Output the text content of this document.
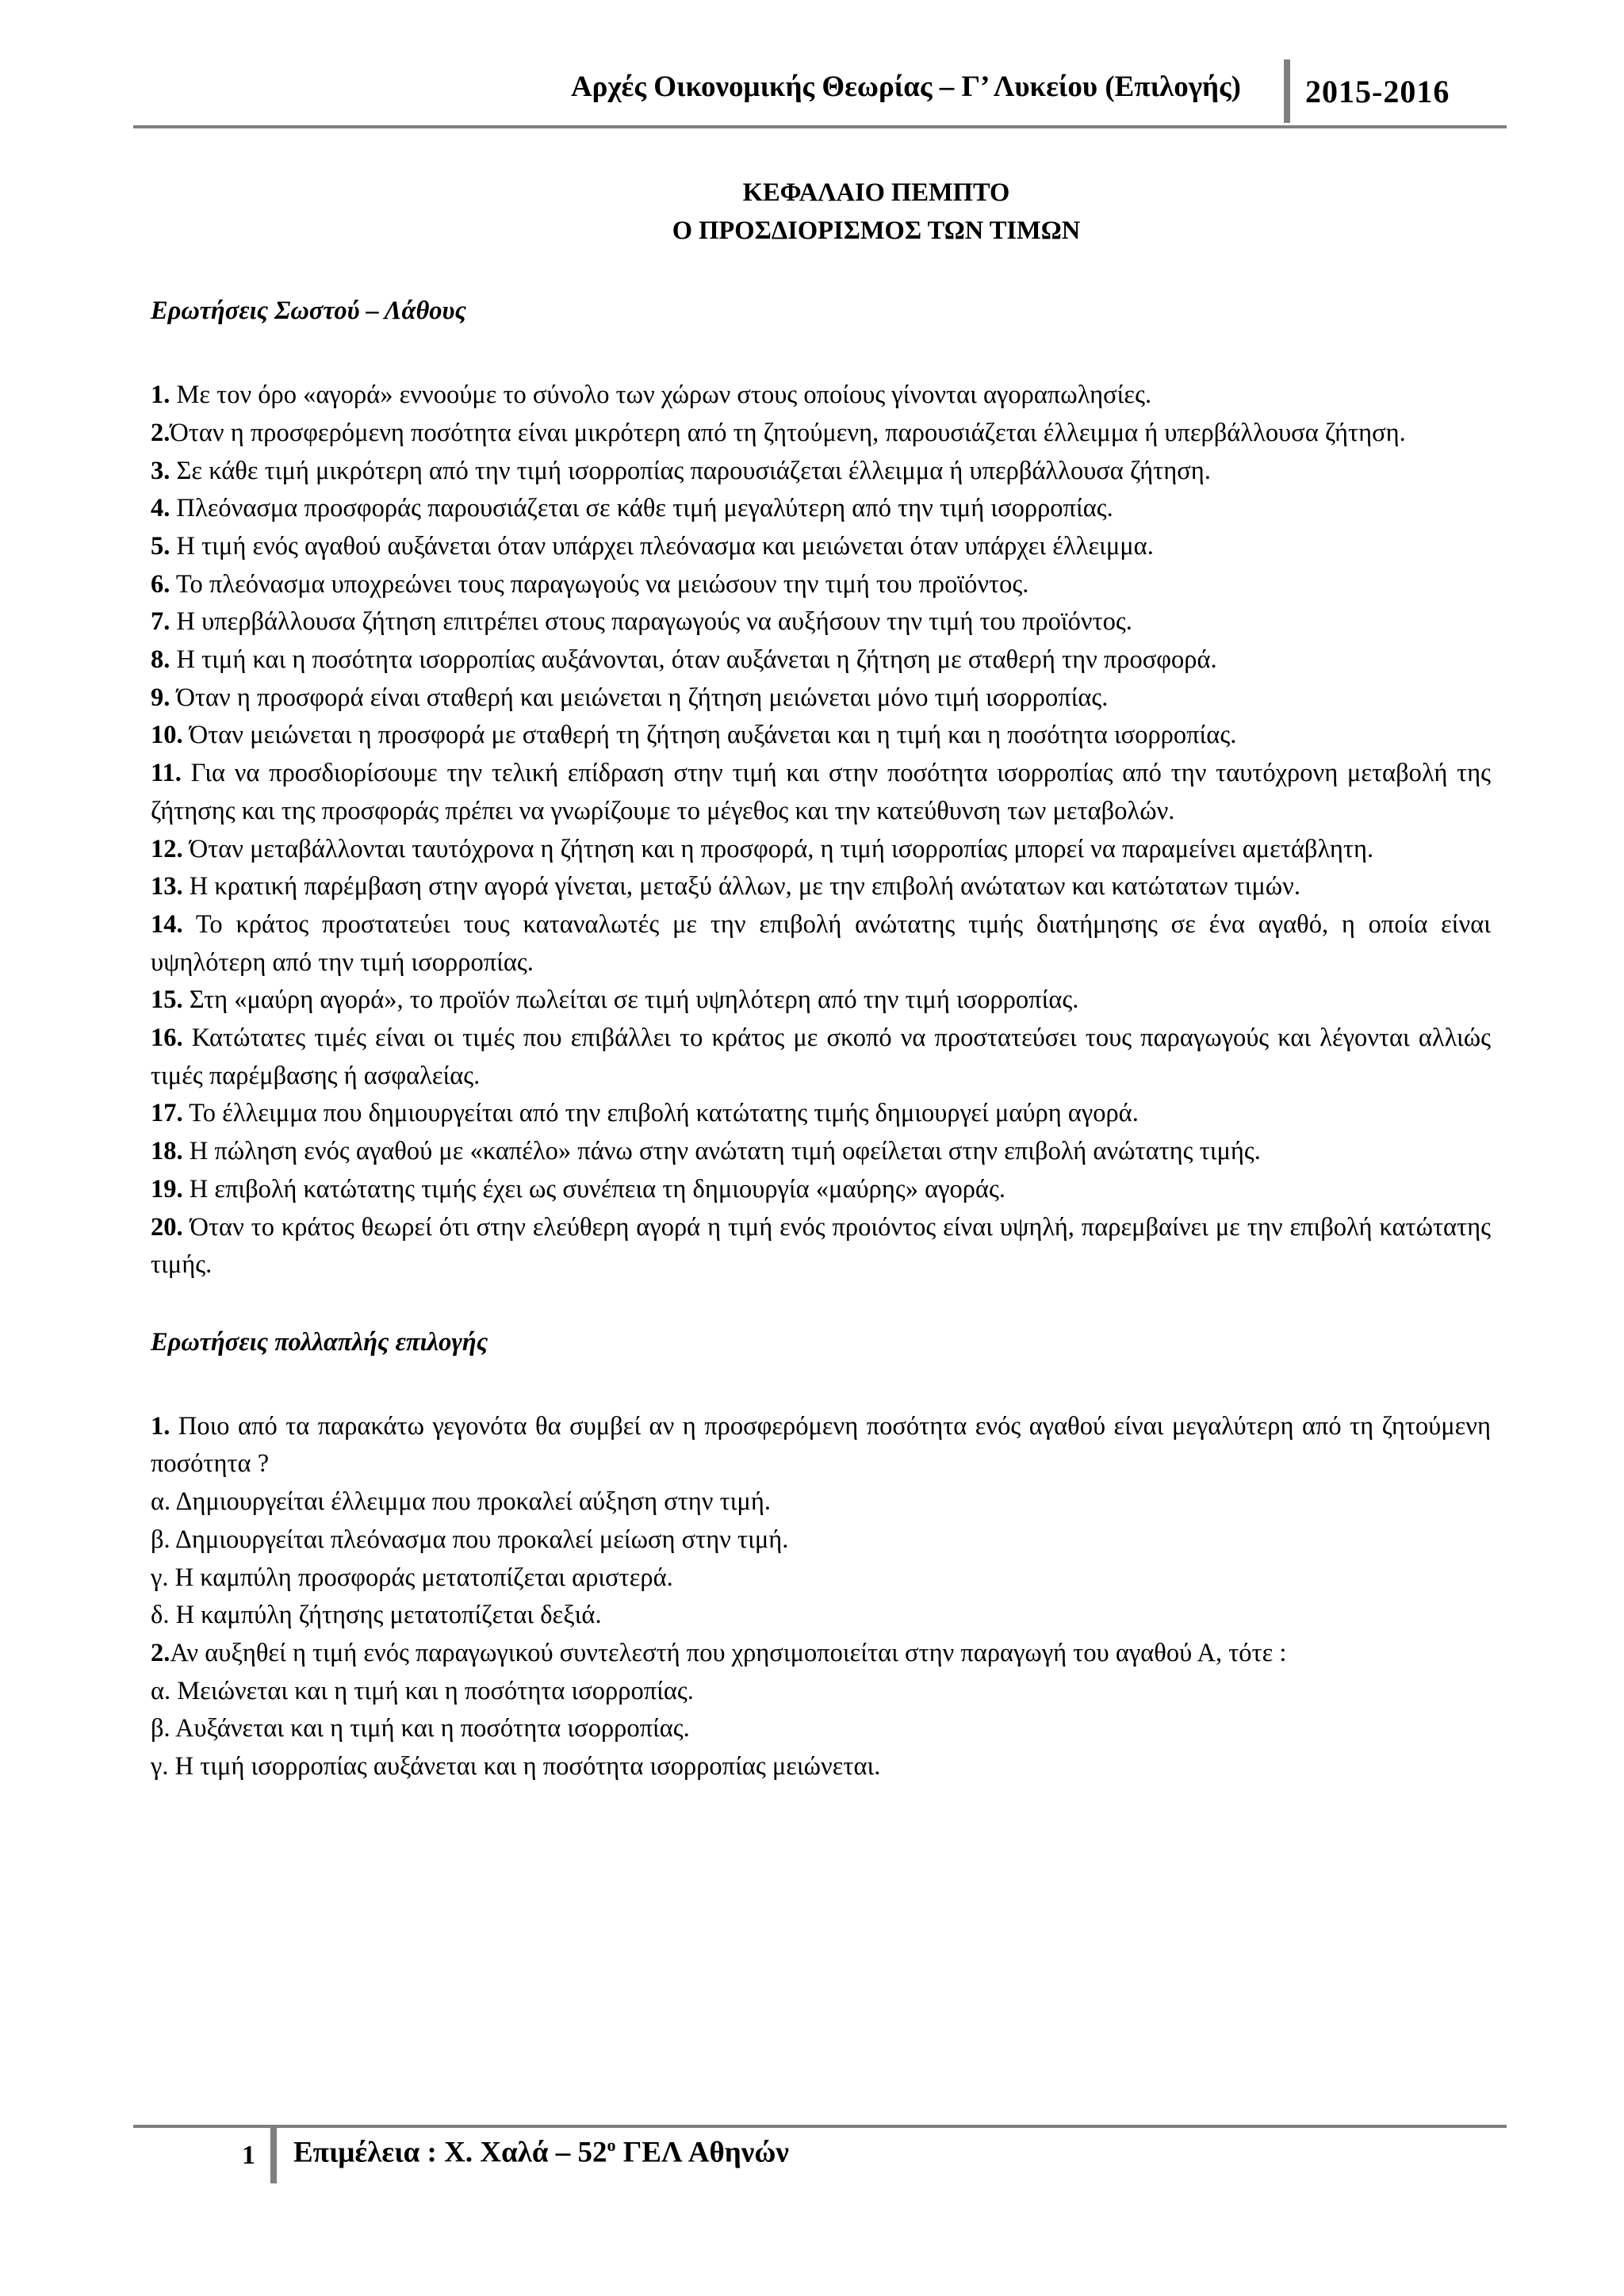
Αρχές Οικονομικής Θεωρίας – Γ’ Λυκείου (Επιλογής) 2015-2016
ΚΕΦΑΛΑΙΟ ΠΕΜΠΤΟ
Ο ΠΡΟΣΔΙΟΡΙΣΜΟΣ ΤΩΝ ΤΙΜΩΝ
Ερωτήσεις Σωστού – Λάθους

1. Με τον όρο «αγορά» εννοούμε το σύνολο των χώρων στους οποίους γίνονται αγοραπωλησίες.

2.Όταν η προσφερόμενη ποσότητα είναι μικρότερη από τη ζητούμενη, παρουσιάζεται έλλειμμα ή υπερβάλλουσα ζήτηση.

3. Σε κάθε τιμή μικρότερη από την τιμή ισορροπίας παρουσιάζεται έλλειμμα ή υπερβάλλουσα ζήτηση.

4. Πλεόνασμα προσφοράς παρουσιάζεται σε κάθε τιμή μεγαλύτερη από την τιμή ισορροπίας.

5. Η τιμή ενός αγαθού αυξάνεται όταν υπάρχει πλεόνασμα και μειώνεται όταν υπάρχει έλλειμμα.

6. Το πλεόνασμα υποχρεώνει τους παραγωγούς να μειώσουν την τιμή του προϊόντος.

7. Η υπερβάλλουσα ζήτηση επιτρέπει στους παραγωγούς να αυξήσουν την τιμή του προϊόντος.

8. Η τιμή και η ποσότητα ισορροπίας αυξάνονται, όταν αυξάνεται η ζήτηση με σταθερή την προσφορά.

9. Όταν η προσφορά είναι σταθερή και μειώνεται η ζήτηση μειώνεται μόνο τιμή ισορροπίας.

10. Όταν μειώνεται η προσφορά με σταθερή τη ζήτηση αυξάνεται και η τιμή και η ποσότητα ισορροπίας.

11. Για να προσδιορίσουμε την τελική επίδραση στην τιμή και στην ποσότητα ισορροπίας από την ταυτόχρονη μεταβολή της ζήτησης και της προσφοράς πρέπει να γνωρίζουμε το μέγεθος και την κατεύθυνση των μεταβολών.

12. Όταν μεταβάλλονται ταυτόχρονα η ζήτηση και η προσφορά, η τιμή ισορροπίας μπορεί να παραμείνει αμετάβλητη.

13. Η κρατική παρέμβαση στην αγορά γίνεται, μεταξύ άλλων, με την επιβολή ανώτατων και κατώτατων τιμών.

14. Το κράτος προστατεύει τους καταναλωτές με την επιβολή ανώτατης τιμής διατήμησης σε ένα αγαθό, η οποία είναι υψηλότερη από την τιμή ισορροπίας.

15. Στη «μαύρη αγορά», το προϊόν πωλείται σε τιμή υψηλότερη από την τιμή ισορροπίας.

16. Κατώτατες τιμές είναι οι τιμές που επιβάλλει το κράτος με σκοπό να προστατεύσει τους παραγωγούς και λέγονται αλλιώς τιμές παρέμβασης ή ασφαλείας.

17. Το έλλειμμα που δημιουργείται από την επιβολή κατώτατης τιμής δημιουργεί μαύρη αγορά.

18. Η πώληση ενός αγαθού με «καπέλο» πάνω στην ανώτατη τιμή οφείλεται στην επιβολή ανώτατης τιμής.

19. Η επιβολή κατώτατης τιμής έχει ως συνέπεια τη δημιουργία «μαύρης» αγοράς.

20. Όταν το κράτος θεωρεί ότι στην ελεύθερη αγορά η τιμή ενός προιόντος είναι υψηλή, παρεμβαίνει με την επιβολή κατώτατης τιμής.

Ερωτήσεις πολλαπλής επιλογής

1. Ποιο από τα παρακάτω γεγονότα θα συμβεί αν η προσφερόμενη ποσότητα ενός αγαθού είναι μεγαλύτερη από τη ζητούμενη ποσότητα ?

α. Δημιουργείται έλλειμμα που προκαλεί αύξηση στην τιμή.

β. Δημιουργείται πλεόνασμα που προκαλεί μείωση στην τιμή.

γ. Η καμπύλη προσφοράς μετατοπίζεται αριστερά.

δ. Η καμπύλη ζήτησης μετατοπίζεται δεξιά.

2.Αν αυξηθεί η τιμή ενός παραγωγικού συντελεστή που χρησιμοποιείται στην παραγωγή του αγαθού Α, τότε :

α. Μειώνεται και η τιμή και η ποσότητα ισορροπίας.

β. Αυξάνεται και η τιμή και η ποσότητα ισορροπίας.

γ. Η τιμή ισορροπίας αυξάνεται και η ποσότητα ισορροπίας μειώνεται.

1 Επιμέλεια : Χ. Χαλά – $52^o$ ΓΕΛ Αθηνών
